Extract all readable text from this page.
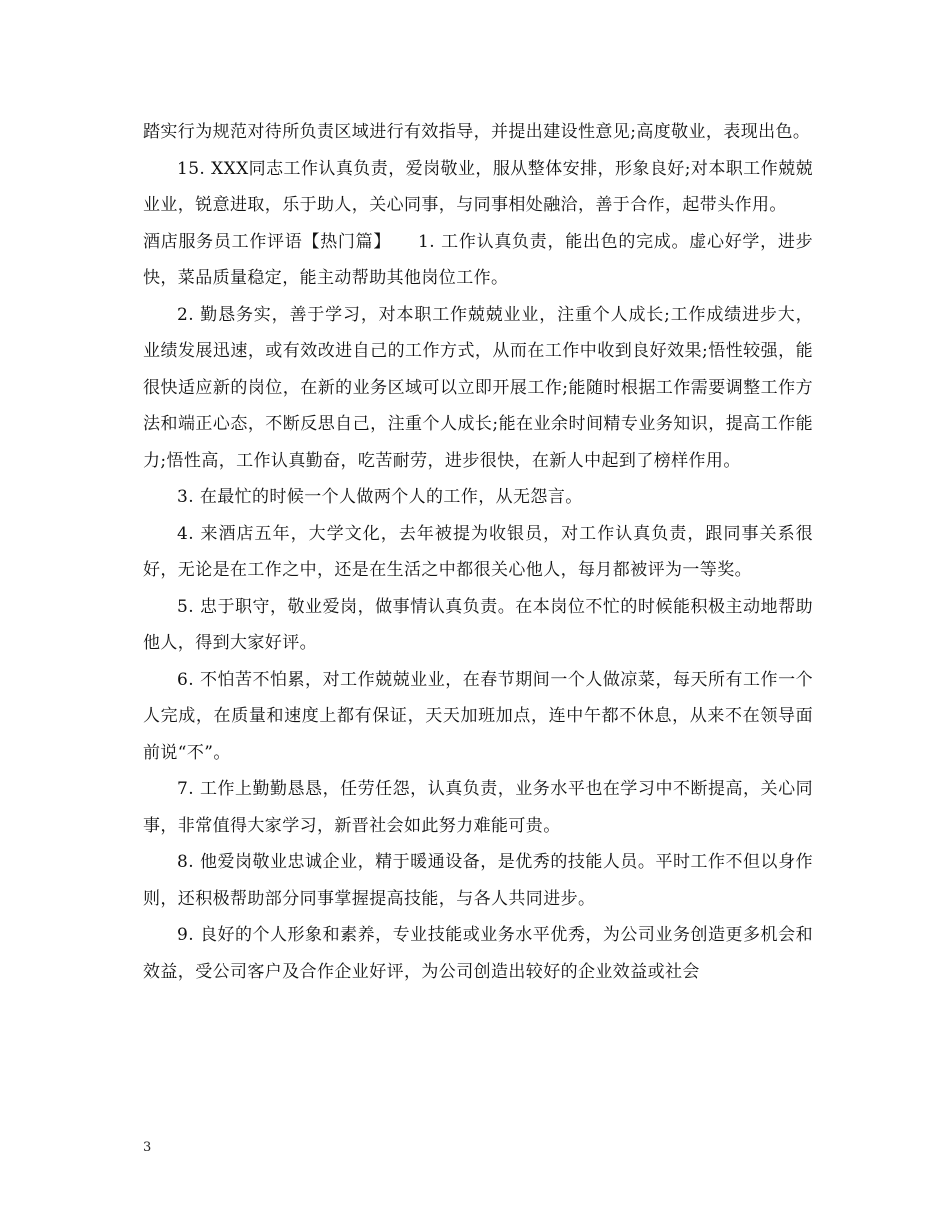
踏实行为规范对待所负责区域进行有效指导，并提出建设性意见;高度敬业，表现出色。

15. XXX同志工作认真负责，爱岗敬业，服从整体安排，形象良好;对本职工作兢兢业业，锐意进取，乐于助人，关心同事，与同事相处融洽，善于合作，起带头作用。

酒店服务员工作评语【热门篇】　　1. 工作认真负责，能出色的完成。虚心好学，进步快，菜品质量稳定，能主动帮助其他岗位工作。

2. 勤恳务实，善于学习，对本职工作兢兢业业，注重个人成长;工作成绩进步大，业绩发展迅速，或有效改进自己的工作方式，从而在工作中收到良好效果;悟性较强，能很快适应新的岗位，在新的业务区域可以立即开展工作;能随时根据工作需要调整工作方法和端正心态，不断反思自己，注重个人成长;能在业余时间精专业务知识，提高工作能力;悟性高，工作认真勤奋，吃苦耐劳，进步很快，在新人中起到了榜样作用。

3. 在最忙的时候一个人做两个人的工作，从无怨言。

4. 来酒店五年，大学文化，去年被提为收银员，对工作认真负责，跟同事关系很好，无论是在工作之中，还是在生活之中都很关心他人，每月都被评为一等奖。

5. 忠于职守，敬业爱岗，做事情认真负责。在本岗位不忙的时候能积极主动地帮助他人，得到大家好评。

6. 不怕苦不怕累，对工作兢兢业业，在春节期间一个人做凉菜，每天所有工作一个人完成，在质量和速度上都有保证，天天加班加点，连中午都不休息，从来不在领导面前说“不”。

7. 工作上勤勤恳恳，任劳任怨，认真负责，业务水平也在学习中不断提高，关心同事，非常值得大家学习，新晋社会如此努力难能可贵。

8. 他爱岗敬业忠诚企业，精于暖通设备，是优秀的技能人员。平时工作不但以身作则，还积极帮助部分同事掌握提高技能，与各人共同进步。

9. 良好的个人形象和素养，专业技能或业务水平优秀，为公司业务创造更多机会和效益，受公司客户及合作企业好评，为公司创造出较好的企业效益或社会

3
